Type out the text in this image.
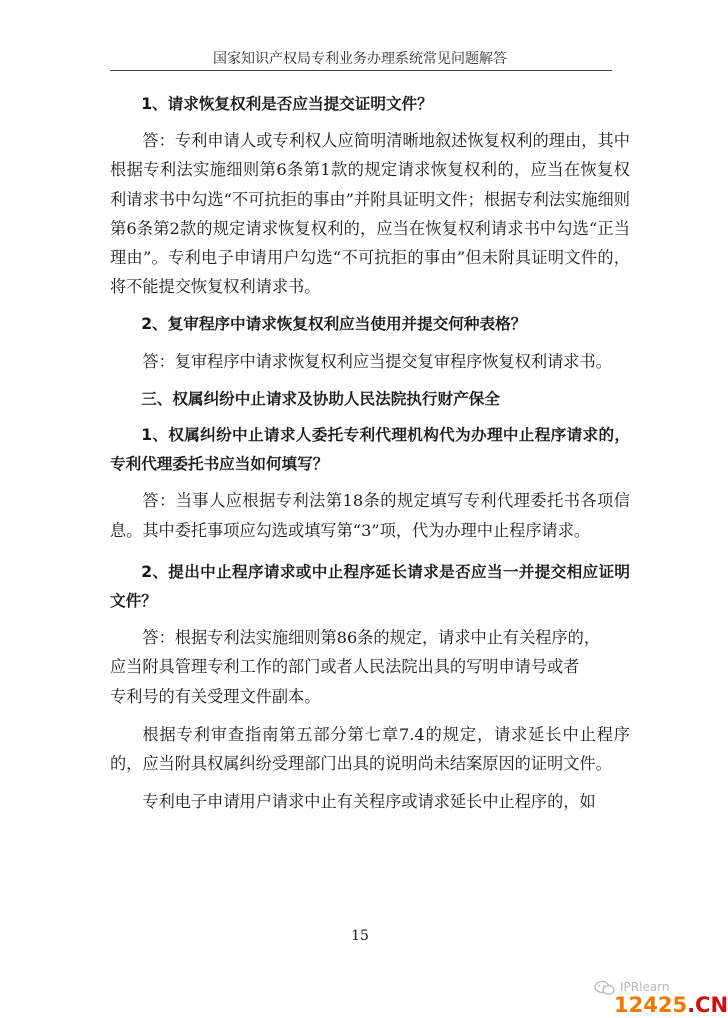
国家知识产权局专利业务办理系统常见问题解答

1、请求恢复权利是否应当提交证明文件？

答：专利申请人或专利权人应简明清晰地叙述恢复权利的理由，其中根据专利法实施细则第6条第1款的规定请求恢复权利的，应当在恢复权利请求书中勾选“不可抗拒的事由”并附具证明文件；根据专利法实施细则第6条第2款的规定请求恢复权利的，应当在恢复权利请求书中勾选“正当理由”。专利电子申请用户勾选“不可抗拒的事由”但未附具证明文件的，将不能提交恢复权利请求书。

2、复审程序中请求恢复权利应当使用并提交何种表格？

答：复审程序中请求恢复权利应当提交复审程序恢复权利请求书。

三、权属纠纷中止请求及协助人民法院执行财产保全

1、权属纠纷中止请求人委托专利代理机构代为办理中止程序请求的，专利代理委托书应当如何填写？

答：当事人应根据专利法第18条的规定填写专利代理委托书各项信息。其中委托事项应勾选或填写第“3”项，代为办理中止程序请求。

2、提出中止程序请求或中止程序延长请求是否应当一并提交相应证明文件？

答：根据专利法实施细则第86条的规定，请求中止有关程序的，

应当附具管理专利工作的部门或者人民法院出具的写明申请号或者

专利号的有关受理文件副本。

根据专利审查指南第五部分第七章7.4的规定，请求延长中止程序的，应当附具权属纠纷受理部门出具的说明尚未结案原因的证明文件。

专利电子申请用户请求中止有关程序或请求延长中止程序的，如

15
IPRlearn
12425.CN
